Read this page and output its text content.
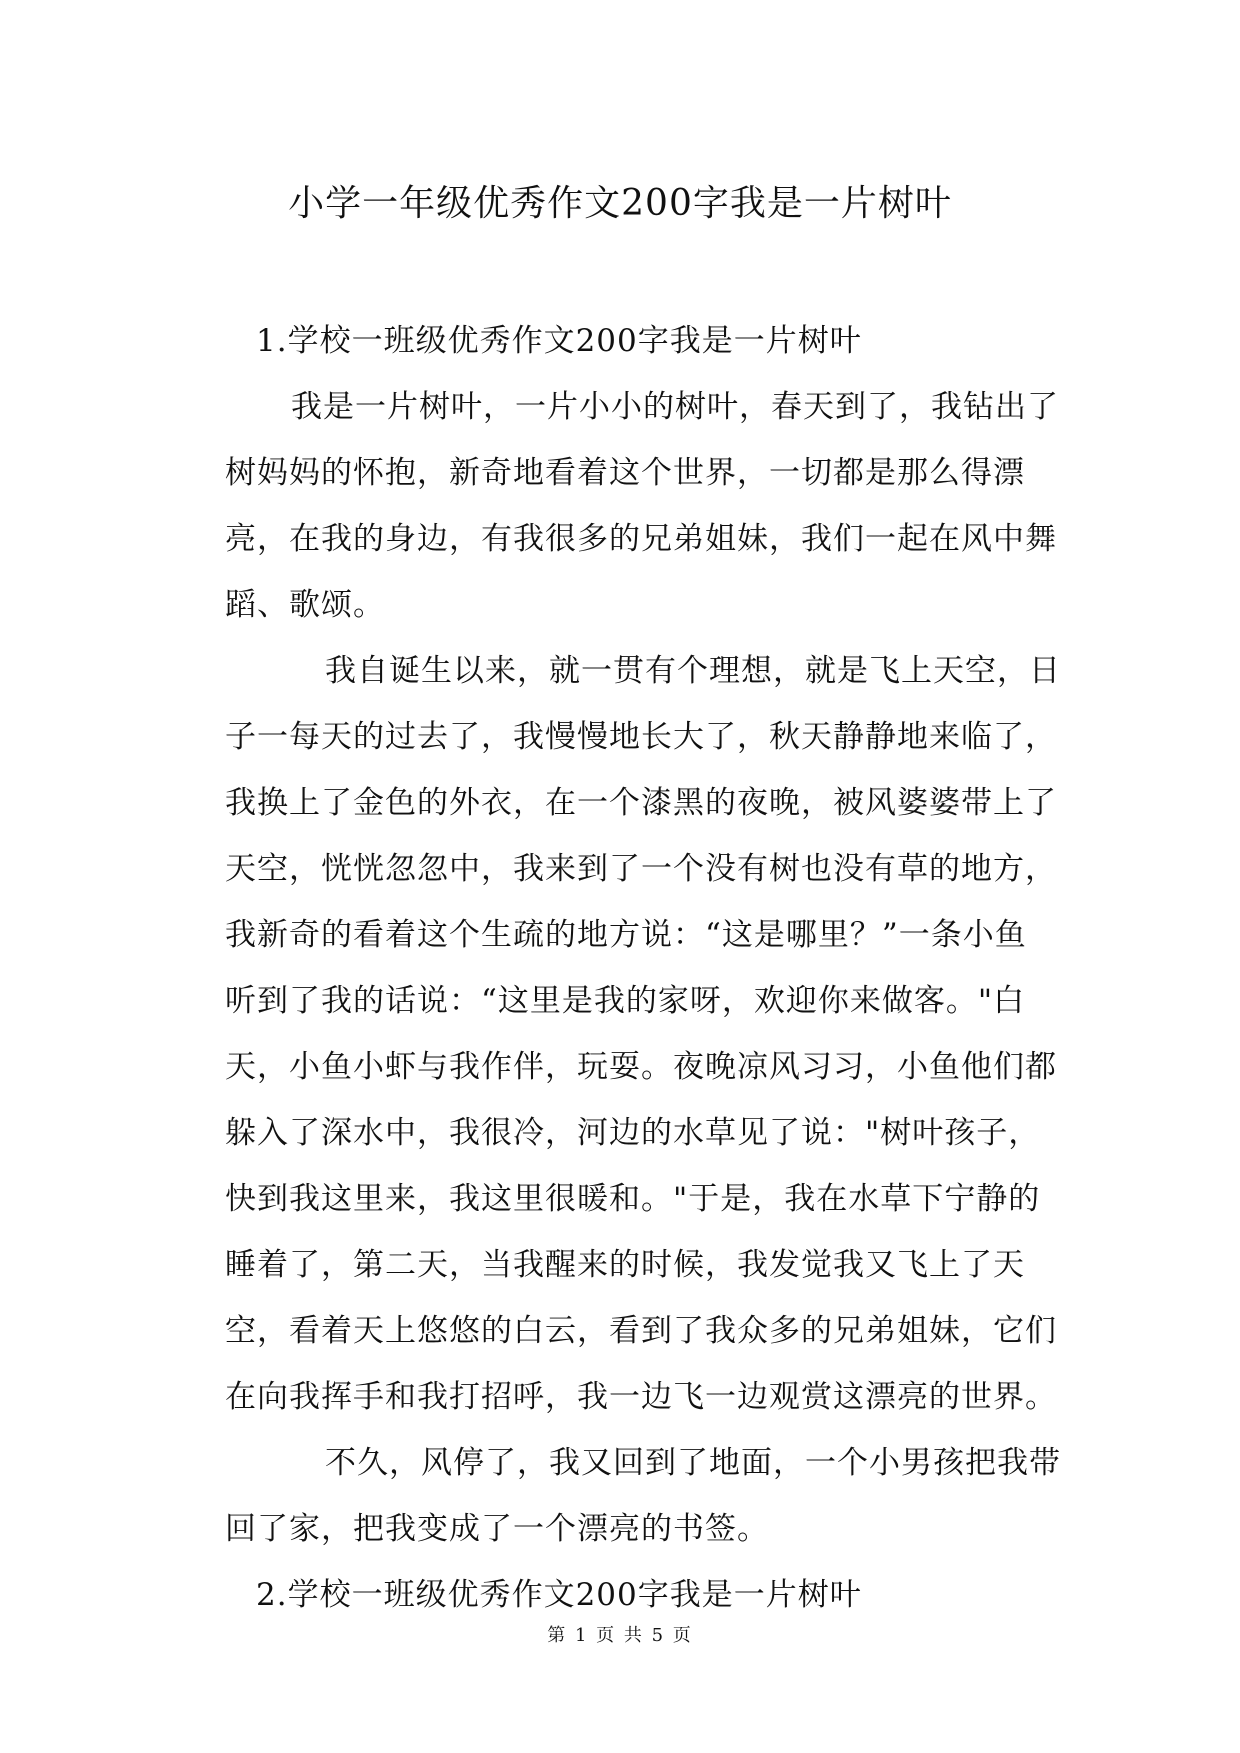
小学一年级优秀作文200字我是一片树叶

1.学校一班级优秀作文200字我是一片树叶

我是一片树叶，一片小小的树叶，春天到了，我钻出了

树妈妈的怀抱，新奇地看着这个世界，一切都是那么得漂

亮，在我的身边，有我很多的兄弟姐妹，我们一起在风中舞

蹈、歌颂。

我自诞生以来，就一贯有个理想，就是飞上天空，日

子一每天的过去了，我慢慢地长大了，秋天静静地来临了，

我换上了金色的外衣，在一个漆黑的夜晚，被风婆婆带上了

天空，恍恍忽忽中，我来到了一个没有树也没有草的地方，

我新奇的看着这个生疏的地方说：“这是哪里？”一条小鱼

听到了我的话说：“这里是我的家呀，欢迎你来做客。"白

天，小鱼小虾与我作伴，玩耍。夜晚凉风习习，小鱼他们都

躲入了深水中，我很冷，河边的水草见了说："树叶孩子，

快到我这里来，我这里很暖和。"于是，我在水草下宁静的

睡着了，第二天，当我醒来的时候，我发觉我又飞上了天

空，看着天上悠悠的白云，看到了我众多的兄弟姐妹，它们

在向我挥手和我打招呼，我一边飞一边观赏这漂亮的世界。

不久，风停了，我又回到了地面，一个小男孩把我带

回了家，把我变成了一个漂亮的书签。

2.学校一班级优秀作文200字我是一片树叶

第 1 页 共 5 页
